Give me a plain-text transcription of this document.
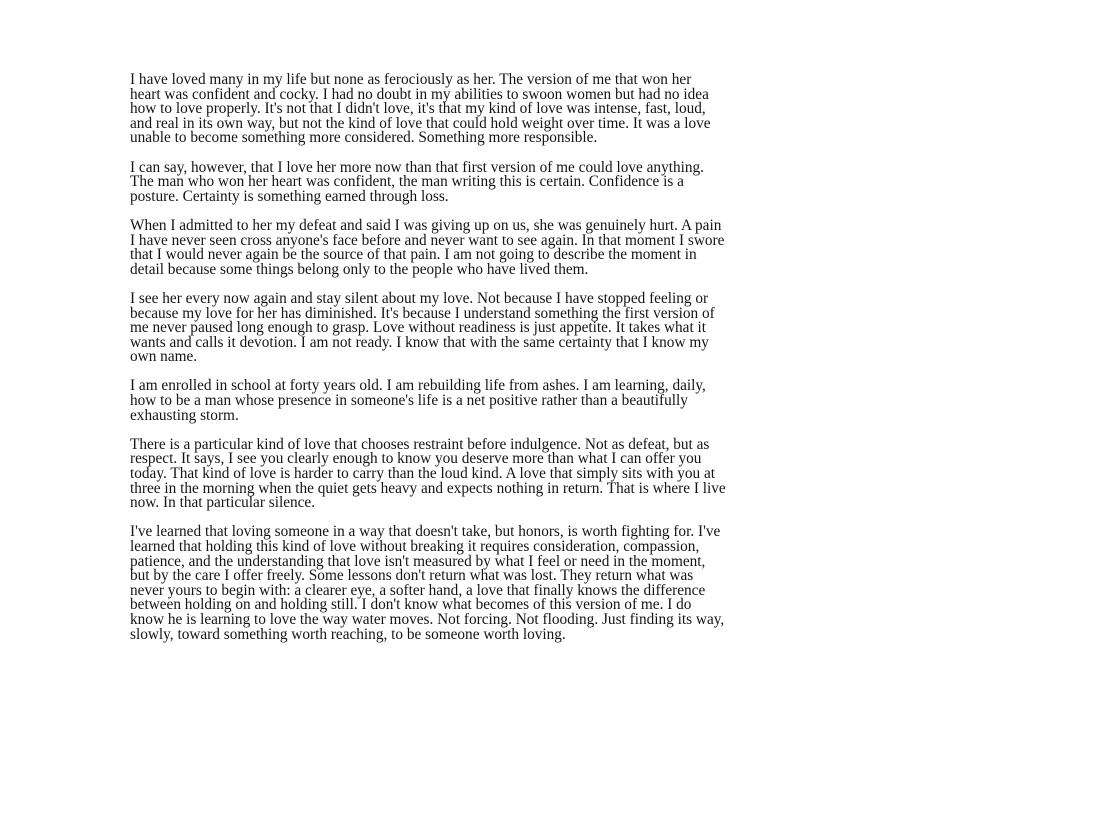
I have loved many in my life but none as ferociously as her. The version of me that won her
heart was confident and cocky. I had no doubt in my abilities to swoon women but had no idea
how to love properly. It's not that I didn't love, it's that my kind of love was intense, fast, loud,
and real in its own way, but not the kind of love that could hold weight over time. It was a love
unable to become something more considered. Something more responsible.

I can say, however, that I love her more now than that first version of me could love anything.
The man who won her heart was confident, the man writing this is certain. Confidence is a
posture. Certainty is something earned through loss.

When I admitted to her my defeat and said I was giving up on us, she was genuinely hurt. A pain
I have never seen cross anyone's face before and never want to see again. In that moment I swore
that I would never again be the source of that pain. I am not going to describe the moment in
detail because some things belong only to the people who have lived them.

I see her every now again and stay silent about my love. Not because I have stopped feeling or
because my love for her has diminished. It's because I understand something the first version of
me never paused long enough to grasp. Love without readiness is just appetite. It takes what it
wants and calls it devotion. I am not ready. I know that with the same certainty that I know my
own name.

I am enrolled in school at forty years old. I am rebuilding life from ashes. I am learning, daily,
how to be a man whose presence in someone's life is a net positive rather than a beautifully
exhausting storm.

There is a particular kind of love that chooses restraint before indulgence. Not as defeat, but as
respect. It says, I see you clearly enough to know you deserve more than what I can offer you
today. That kind of love is harder to carry than the loud kind. A love that simply sits with you at
three in the morning when the quiet gets heavy and expects nothing in return. That is where I live
now. In that particular silence.

I've learned that loving someone in a way that doesn't take, but honors, is worth fighting for. I've
learned that holding this kind of love without breaking it requires consideration, compassion,
patience, and the understanding that love isn't measured by what I feel or need in the moment,
but by the care I offer freely. Some lessons don't return what was lost. They return what was
never yours to begin with: a clearer eye, a softer hand, a love that finally knows the difference
between holding on and holding still. I don't know what becomes of this version of me. I do
know he is learning to love the way water moves. Not forcing. Not flooding. Just finding its way,
slowly, toward something worth reaching, to be someone worth loving.
